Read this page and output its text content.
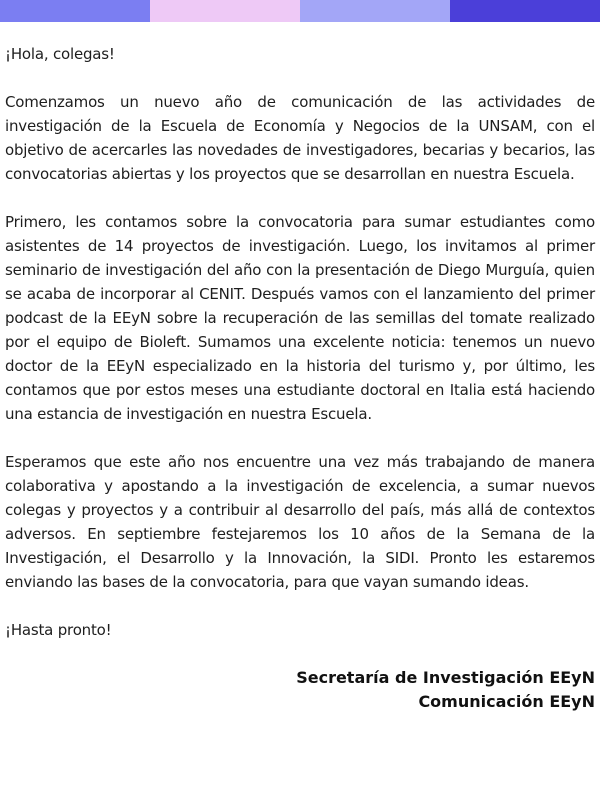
¡Hola, colegas!

Comenzamos un nuevo año de comunicación de las actividades de investigación de la Escuela de Economía y Negocios de la UNSAM, con el objetivo de acercarles las novedades de investigadores, becarias y becarios, las convocatorias abiertas y los proyectos que se desarrollan en nuestra Escuela.

Primero, les contamos sobre la convocatoria para sumar estudiantes como asistentes de 14 proyectos de investigación. Luego, los invitamos al primer seminario de investigación del año con la presentación de Diego Murguía, quien se acaba de incorporar al CENIT. Después vamos con el lanzamiento del primer podcast de la EEyN sobre la recuperación de las semillas del tomate realizado por el equipo de Bioleft. Sumamos una excelente noticia: tenemos un nuevo doctor de la EEyN especializado en la historia del turismo y, por último, les contamos que por estos meses una estudiante doctoral en Italia está haciendo una estancia de investigación en nuestra Escuela.

Esperamos que este año nos encuentre una vez más trabajando de manera colaborativa y apostando a la investigación de excelencia, a sumar nuevos colegas y proyectos y a contribuir al desarrollo del país, más allá de contextos adversos. En septiembre festejaremos los 10 años de la Semana de la Investigación, el Desarrollo y la Innovación, la SIDI. Pronto les estaremos enviando las bases de la convocatoria, para que vayan sumando ideas.

¡Hasta pronto!

Secretaría de Investigación EEyN
Comunicación EEyN
